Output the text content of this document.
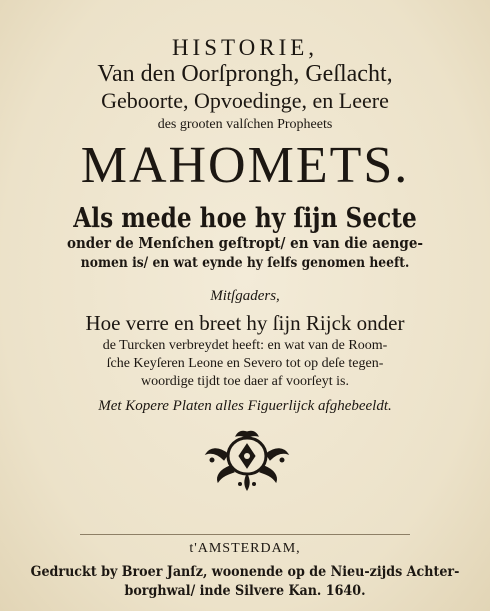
HISTORIE,
Van den Oorſprongh, Geſlacht,
Geboorte, Opvoedinge, en Leere
des grooten valſchen Propheets
MAHOMETS.
Als mede hoe hy ſijn Secte
onder de Menſchen geſtropt/ en van die aenge-
nomen is/ en wat eynde hy ſelfs genomen heeft.
Mitſgaders,
Hoe verre en breet hy ſijn Rijck onder
de Turcken verbreydet heeft: en wat van de Room-
ſche Keyſeren Leone en Severo tot op deſe tegen-
woordige tijdt toe daer af voorſeyt is.
Met Kopere Platen alles Figuerlijck afghebeeldt.
t'AMSTERDAM,
Gedruckt by Broer Janſz, woonende op de Nieu-zijds Achter-
borghwal/ inde Silvere Kan. 1640.
